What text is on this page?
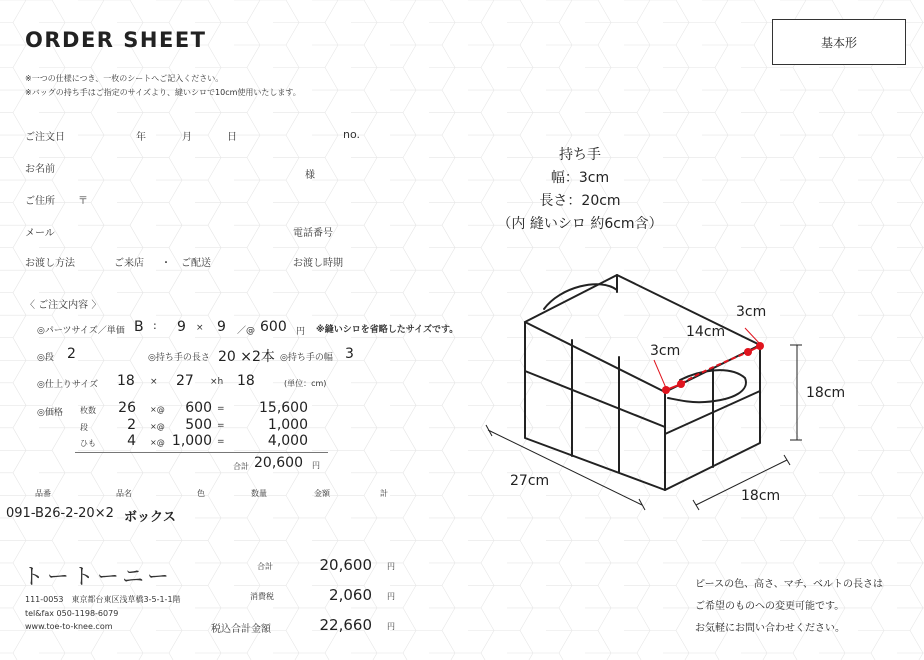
ORDER SHEET	基本形
※一つの仕様につき、一枚のシートへご記入ください。
※バッグの持ち手はご指定のサイズより、縫いシロで10cm使用いたします。
ご注文日	年	月	日	no.
お名前
様
ご住所 〒
メール	電話番号
お渡し方法	ご来店 ・ ご配送	お渡し時期
〈 ご注文内容 〉
◎パーツサイズ／単価 B : 9 × 9 ／@ 600 円 ※縫いシロを省略したサイズです。
◎段 2	◎持ち手の長さ 20 ×2本 ◎持ち手の幅 3
◎仕上りサイズ 18 × 27 ×h 18	(単位：cm)
◎価格 枚数	26 ×@	600 =	15,600
段	2 ×@	500 =	1,000
ひも	4 ×@ 1,000 =	4,000
合計 20,600 円
品番	品名	色	数量	金額	計
091-B26-2-20×2 ボックス
トートーニー
111-0053　東京都台東区浅草橋3-5-1-1階
tel&fax 050-1198-6079
www.toe-to-knee.com
合計	20,600 円
消費税	2,060 円
税込合計金額	22,660 円
持ち手
幅：3cm
長さ：20cm
（内 縫いシロ 約6cm含）
27cm
18cm
18cm
3cm
14cm
3cm
ピースの色、高さ、マチ、ベルトの長さは
ご希望のものへの変更可能です。
お気軽にお問い合わせください。
